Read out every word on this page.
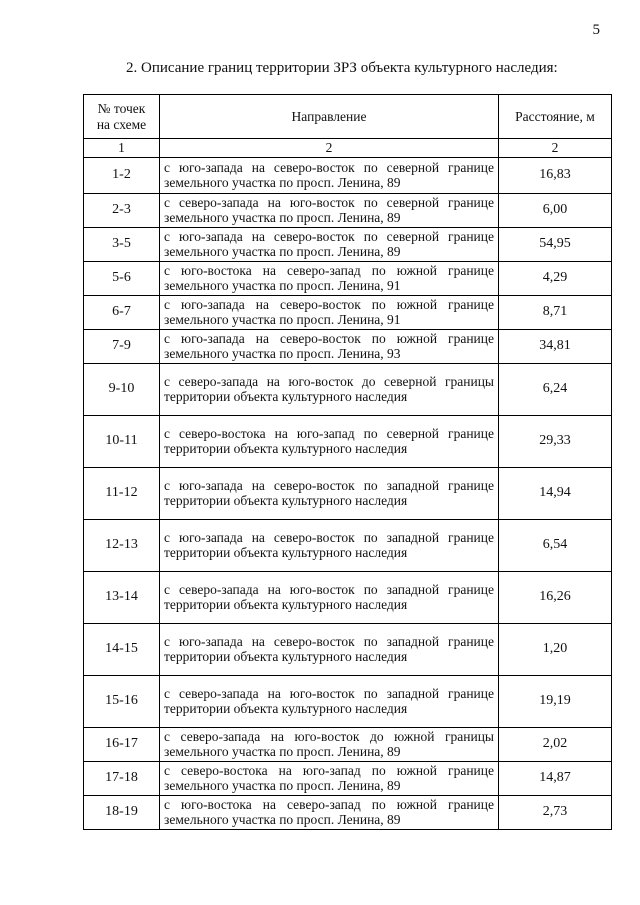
5
2. Описание границ территории ЗРЗ объекта культурного наследия:
№ точек
на схеме	Направление	Расстояние, м
1	2	2
1-2	с юго-запада на северо-восток по северной границе земельного участка по просп. Ленина, 89	16,83
2-3	с северо-запада на юго-восток по северной границе земельного участка по просп. Ленина, 89	6,00
3-5	с юго-запада на северо-восток по северной границе земельного участка по просп. Ленина, 89	54,95
5-6	с юго-востока на северо-запад по южной границе земельного участка по просп. Ленина, 91	4,29
6-7	с юго-запада на северо-восток по южной границе земельного участка по просп. Ленина, 91	8,71
7-9	с юго-запада на северо-восток по южной границе земельного участка по просп. Ленина, 93	34,81
9-10	с северо-запада на юго-восток до северной границы территории объекта культурного наследия	6,24
10-11	с северо-востока на юго-запад по северной границе территории объекта культурного наследия	29,33
11-12	с юго-запада на северо-восток по западной границе территории объекта культурного наследия	14,94
12-13	с юго-запада на северо-восток по западной границе территории объекта культурного наследия	6,54
13-14	с северо-запада на юго-восток по западной границе территории объекта культурного наследия	16,26
14-15	с юго-запада на северо-восток по западной границе территории объекта культурного наследия	1,20
15-16	с северо-запада на юго-восток по западной границе территории объекта культурного наследия	19,19
16-17	с северо-запада на юго-восток до южной границы земельного участка по просп. Ленина, 89	2,02
17-18	с северо-востока на юго-запад по южной границе земельного участка по просп. Ленина, 89	14,87
18-19	с юго-востока на северо-запад по южной границе земельного участка по просп. Ленина, 89	2,73
